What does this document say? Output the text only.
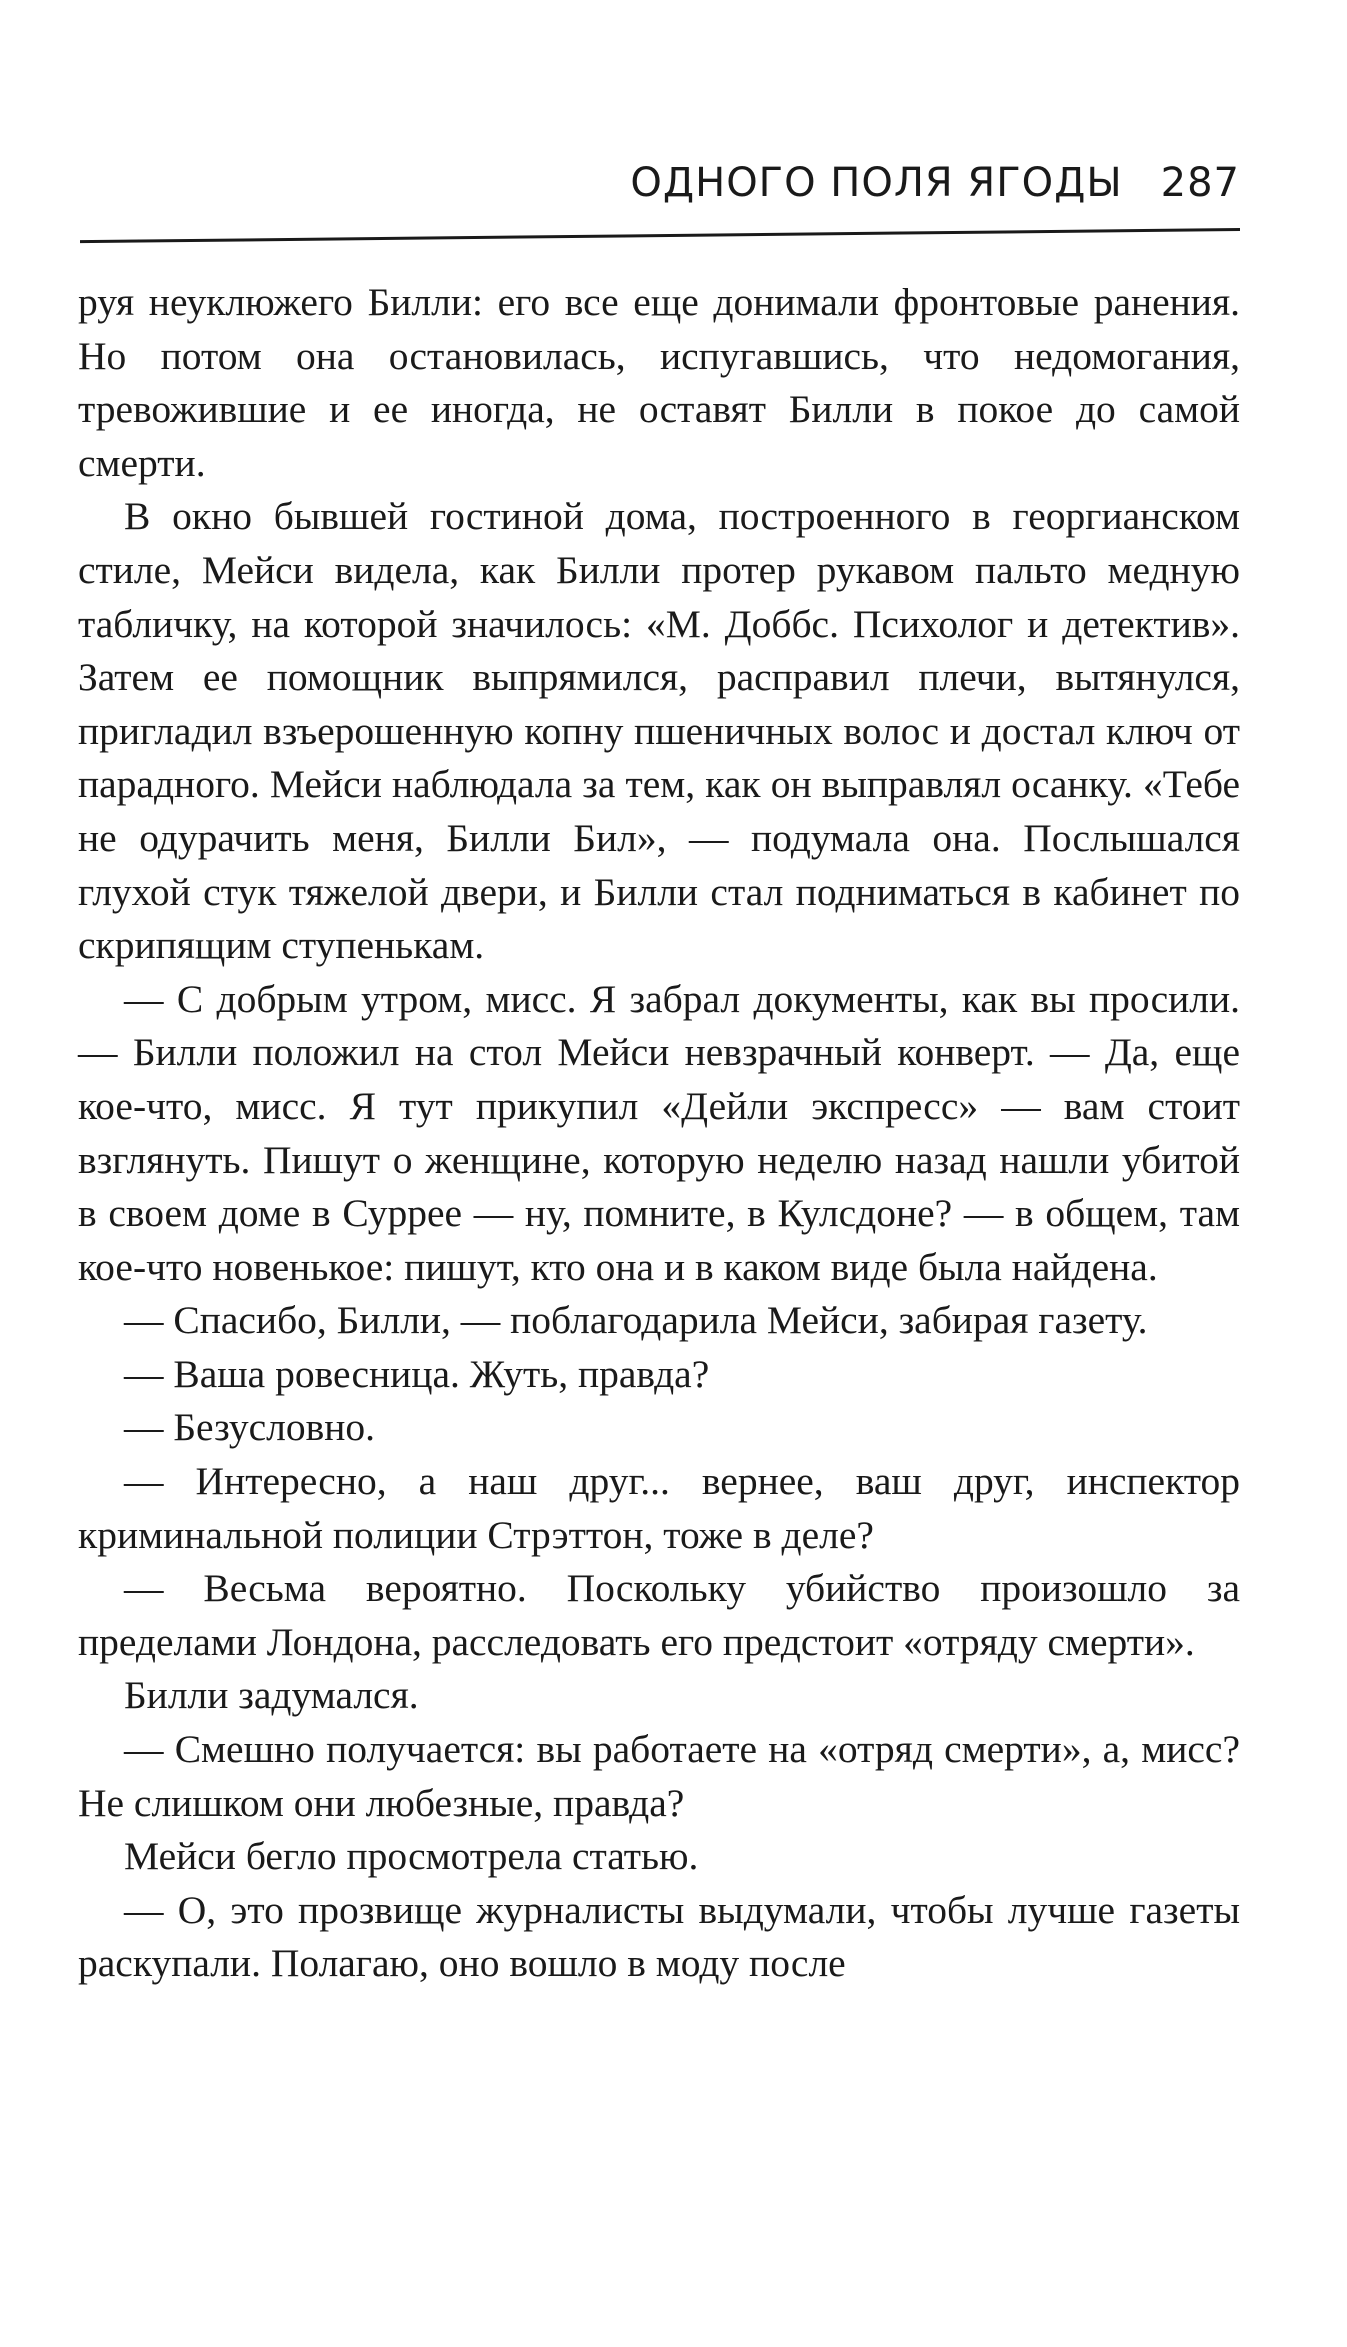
ОДНОГО ПОЛЯ ЯГОДЫ 287

руя неуклюжего Билли: его все еще донимали фронтовые ранения. Но потом она остановилась, испугавшись, что недомогания, тревожившие и ее иногда, не оставят Билли в покое до самой смерти.

В окно бывшей гостиной дома, построенного в георгианском стиле, Мейси видела, как Билли протер рукавом пальто медную табличку, на которой значилось: «М. Доббс. Психолог и детектив». Затем ее помощник выпрямился, расправил плечи, вытянулся, пригладил взъерошенную копну пшеничных волос и достал ключ от парадного. Мейси наблюдала за тем, как он выправлял осанку. «Тебе не одурачить меня, Билли Бил», — подумала она. Послышался глухой стук тяжелой двери, и Билли стал подниматься в кабинет по скрипящим ступенькам.

— С добрым утром, мисс. Я забрал документы, как вы просили. — Билли положил на стол Мейси невзрачный конверт. — Да, еще кое-что, мисс. Я тут прикупил «Дейли экспресс» — вам стоит взглянуть. Пишут о женщине, которую неделю назад нашли убитой в своем доме в Суррее — ну, помните, в Кулсдоне? — в общем, там кое-что новенькое: пишут, кто она и в каком виде была найдена.

— Спасибо, Билли, — поблагодарила Мейси, забирая газету.

— Ваша ровесница. Жуть, правда?

— Безусловно.

— Интересно, а наш друг... вернее, ваш друг, инспектор криминальной полиции Стрэттон, тоже в деле?

— Весьма вероятно. Поскольку убийство произошло за пределами Лондона, расследовать его предстоит «отряду смерти».

Билли задумался.

— Смешно получается: вы работаете на «отряд смерти», а, мисс? Не слишком они любезные, правда?

Мейси бегло просмотрела статью.

— О, это прозвище журналисты выдумали, чтобы лучше газеты раскупали. Полагаю, оно вошло в моду после
